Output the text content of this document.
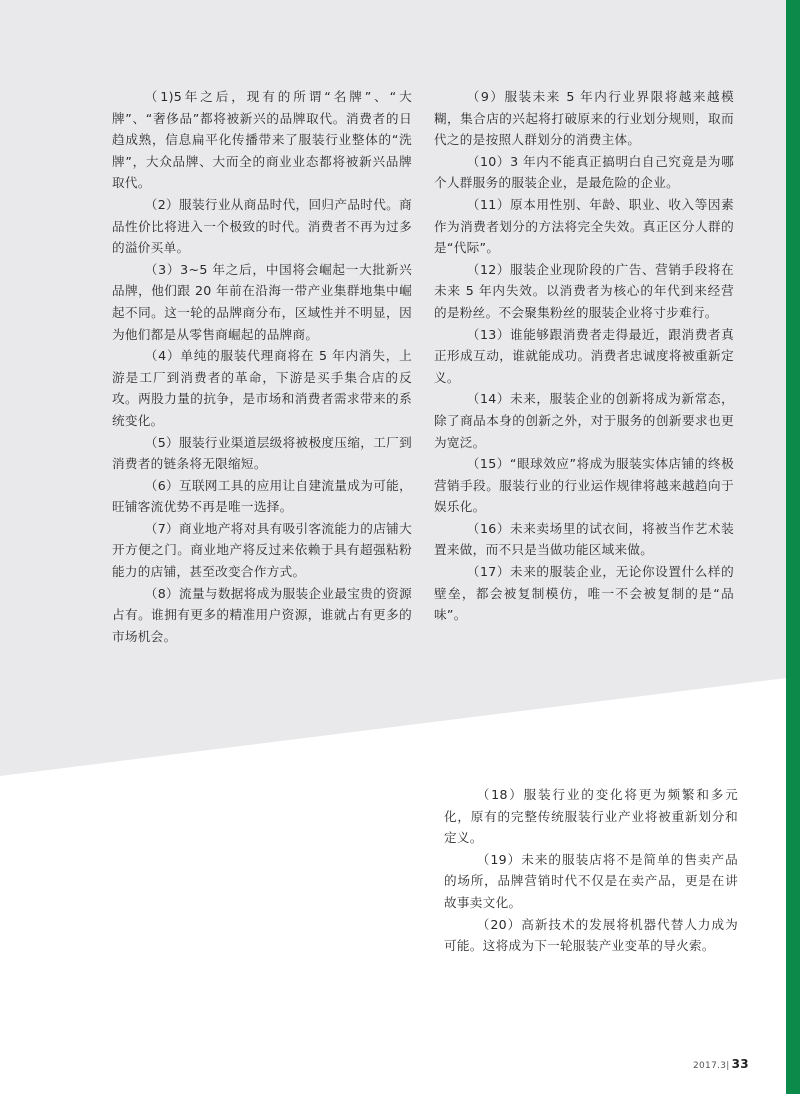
（1)5年之后，现有的所谓“名牌”、“大牌”、“奢侈品”都将被新兴的品牌取代。消费者的日趋成熟，信息扁平化传播带来了服装行业整体的“洗牌”，大众品牌、大而全的商业业态都将被新兴品牌取代。

（2）服装行业从商品时代，回归产品时代。商品性价比将进入一个极致的时代。消费者不再为过多的溢价买单。

（3）3~5 年之后，中国将会崛起一大批新兴品牌，他们跟 20 年前在沿海一带产业集群地集中崛起不同。这一轮的品牌商分布，区域性并不明显，因为他们都是从零售商崛起的品牌商。

（4）单纯的服装代理商将在 5 年内消失，上游是工厂到消费者的革命，下游是买手集合店的反攻。两股力量的抗争，是市场和消费者需求带来的系统变化。

（5）服装行业渠道层级将被极度压缩，工厂到消费者的链条将无限缩短。

（6）互联网工具的应用让自建流量成为可能，旺铺客流优势不再是唯一选择。

（7）商业地产将对具有吸引客流能力的店铺大开方便之门。商业地产将反过来依赖于具有超强粘粉能力的店铺，甚至改变合作方式。

（8）流量与数据将成为服装企业最宝贵的资源占有。谁拥有更多的精准用户资源，谁就占有更多的市场机会。

（9）服装未来 5 年内行业界限将越来越模糊，集合店的兴起将打破原来的行业划分规则，取而代之的是按照人群划分的消费主体。

（10）3 年内不能真正搞明白自己究竟是为哪个人群服务的服装企业，是最危险的企业。

（11）原本用性别、年龄、职业、收入等因素作为消费者划分的方法将完全失效。真正区分人群的是“代际”。

（12）服装企业现阶段的广告、营销手段将在未来 5 年内失效。以消费者为核心的年代到来经营的是粉丝。不会聚集粉丝的服装企业将寸步难行。

（13）谁能够跟消费者走得最近，跟消费者真正形成互动，谁就能成功。消费者忠诚度将被重新定义。

（14）未来，服装企业的创新将成为新常态，除了商品本身的创新之外，对于服务的创新要求也更为宽泛。

（15）“眼球效应”将成为服装实体店铺的终极营销手段。服装行业的行业运作规律将越来越趋向于娱乐化。

（16）未来卖场里的试衣间，将被当作艺术装置来做，而不只是当做功能区域来做。

（17）未来的服装企业，无论你设置什么样的壁垒，都会被复制模仿，唯一不会被复制的是“品味”。

（18）服装行业的变化将更为频繁和多元化，原有的完整传统服装行业产业将被重新划分和定义。

（19）未来的服装店将不是简单的售卖产品的场所，品牌营销时代不仅是在卖产品，更是在讲故事卖文化。

（20）高新技术的发展将机器代替人力成为可能。这将成为下一轮服装产业变革的导火索。

2017.3| 33
